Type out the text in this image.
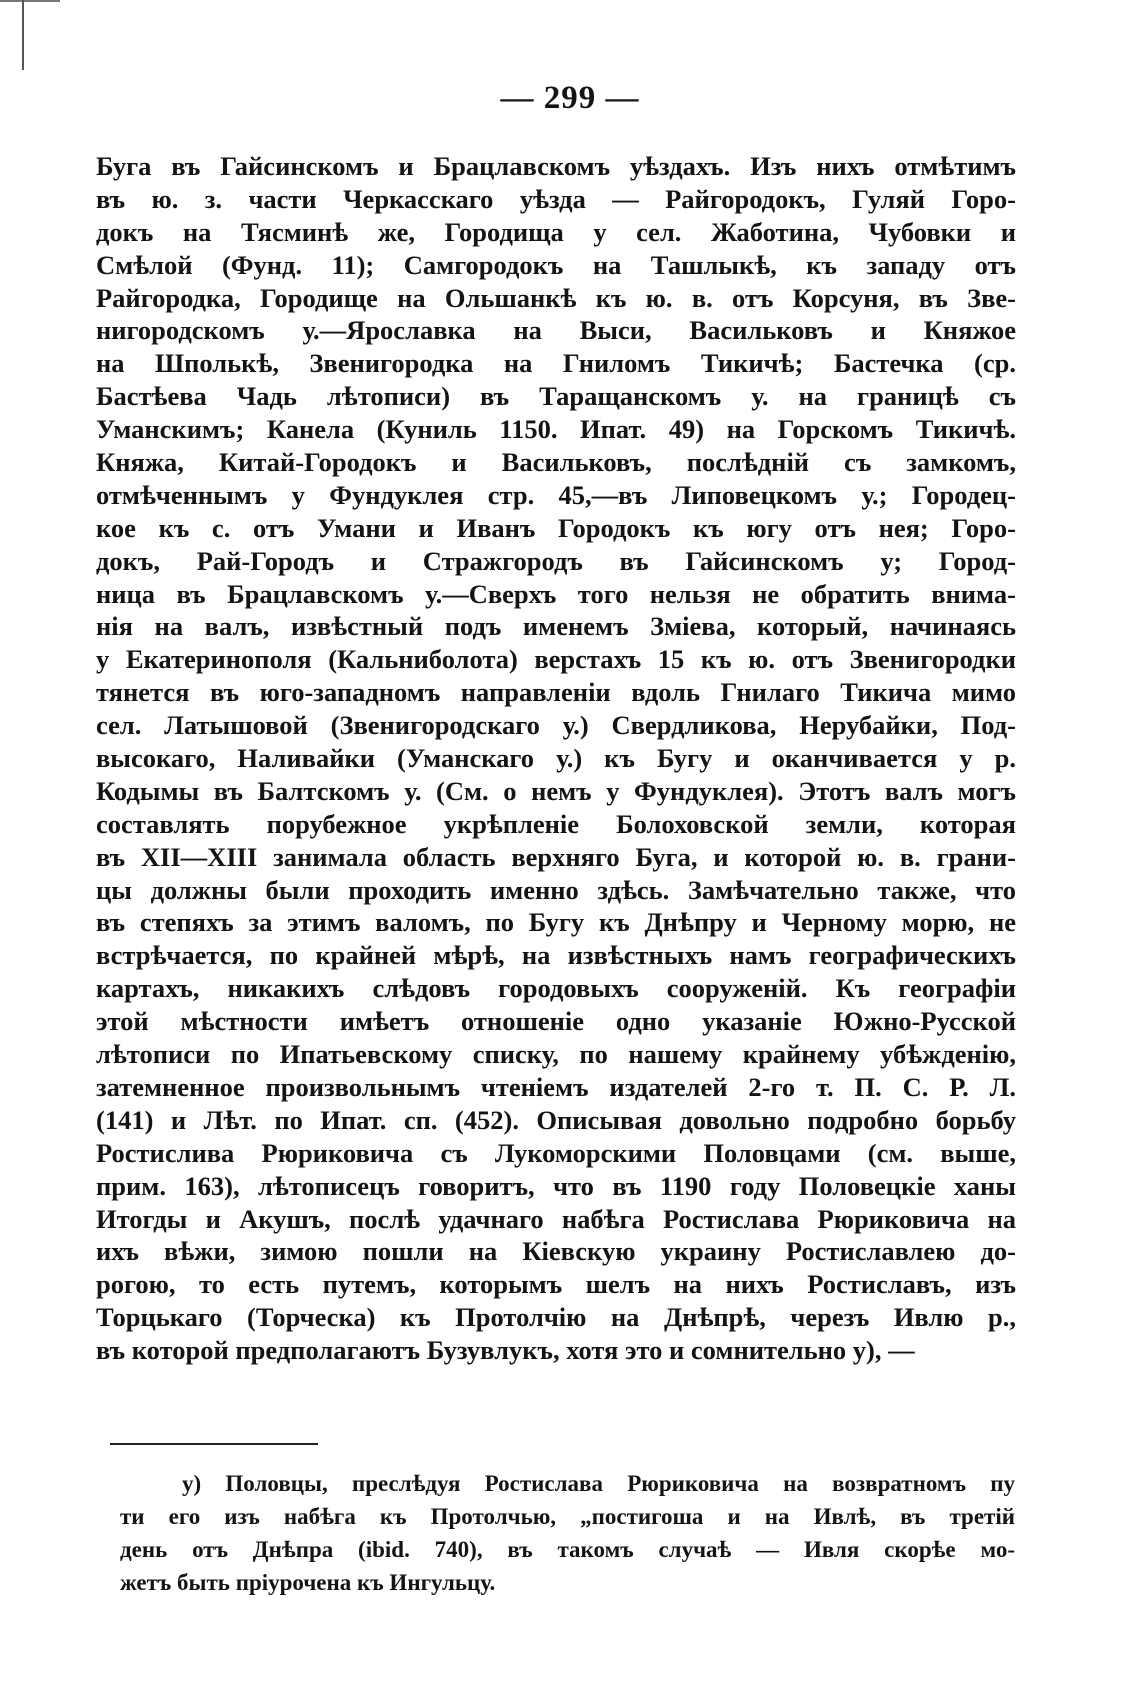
— 299 —
Буга въ Гайсинскомъ и Брацлавскомъ уѣздахъ. Изъ нихъ отмѣтимъ
въ ю. з. части Черкасскаго уѣзда — Райгородокъ, Гуляй Горо-
докъ на Тясминѣ же, Городища у сел. Жаботина, Чубовки и
Смѣлой (Фунд. 11); Самгородокъ на Ташлыкѣ, къ западу отъ
Райгородка, Городище на Ольшанкѣ къ ю. в. отъ Корсуня, въ Зве-
нигородскомъ у.—Ярославка на Выси, Васильковъ и Княжое
на Шполькѣ, Звенигородка на Гниломъ Тикичѣ; Бастечка (ср.
Бастѣева Чадь лѣтописи) въ Таращанскомъ у. на границѣ съ
Уманскимъ; Канела (Куниль 1150. Ипат. 49) на Горскомъ Тикичѣ.
Княжа, Китай-Городокъ и Васильковъ, послѣдній съ замкомъ,
отмѣченнымъ у Фундуклея стр. 45,—въ Липовецкомъ у.; Городец-
кое къ с. отъ Умани и Иванъ Городокъ къ югу отъ нея; Горо-
докъ, Рай-Городъ и Стражгородъ въ Гайсинскомъ у; Город-
ница въ Брацлавскомъ у.—Сверхъ того нельзя не обратить внима-
нія на валъ, извѣстный подъ именемъ Зміева, который, начинаясь
у Екатеринополя (Кальниболота) верстахъ 15 къ ю. отъ Звенигородки
тянется въ юго-западномъ направленіи вдоль Гнилаго Тикича мимо
сел. Латышовой (Звенигородскаго у.) Свердликова, Нерубайки, Под-
высокаго, Наливайки (Уманскаго у.) къ Бугу и оканчивается у р.
Кодымы въ Балтскомъ у. (См. о немъ у Фундуклея). Этотъ валъ могъ
составлять порубежное укрѣпленіе Болоховской земли, которая
въ XII—XIII занимала область верхняго Буга, и которой ю. в. грани-
цы должны были проходить именно здѣсь. Замѣчательно также, что
въ степяхъ за этимъ валомъ, по Бугу къ Днѣпру и Черному морю, не
встрѣчается, по крайней мѣрѣ, на извѣстныхъ намъ географическихъ
картахъ, никакихъ слѣдовъ городовыхъ сооруженій. Къ географіи
этой мѣстности имѣетъ отношеніе одно указаніе Южно-Русской
лѣтописи по Ипатьевскому списку, по нашему крайнему убѣжденію,
затемненное произвольнымъ чтеніемъ издателей 2-го т. П. С. Р. Л.
(141) и Лѣт. по Ипат. сп. (452). Описывая довольно подробно борьбу
Ростислива Рюриковича съ Лукоморскими Половцами (см. выше,
прим. 163), лѣтописецъ говоритъ, что въ 1190 году Половецкіе ханы
Итогды и Акушъ, послѣ удачнаго набѣга Ростислава Рюриковича на
ихъ вѣжи, зимою пошли на Кіевскую украину Ростиславлею до-
рогою, то есть путемъ, которымъ шелъ на нихъ Ростиславъ, изъ
Торцькаго (Торческа) къ Протолчію на Днѣпрѣ, черезъ Ивлю р.,
въ которой предполагаютъ Бузувлукъ, хотя это и сомнительно у), —
у) Половцы, преслѣдуя Ростислава Рюриковича на возвратномъ пу
ти его изъ набѣга къ Протолчью, „постигоша и на Ивлѣ, въ третій
день отъ Днѣпра (ibid. 740), въ такомъ случаѣ — Ивля скорѣе мо-
жетъ быть пріурочена къ Ингульцу.
